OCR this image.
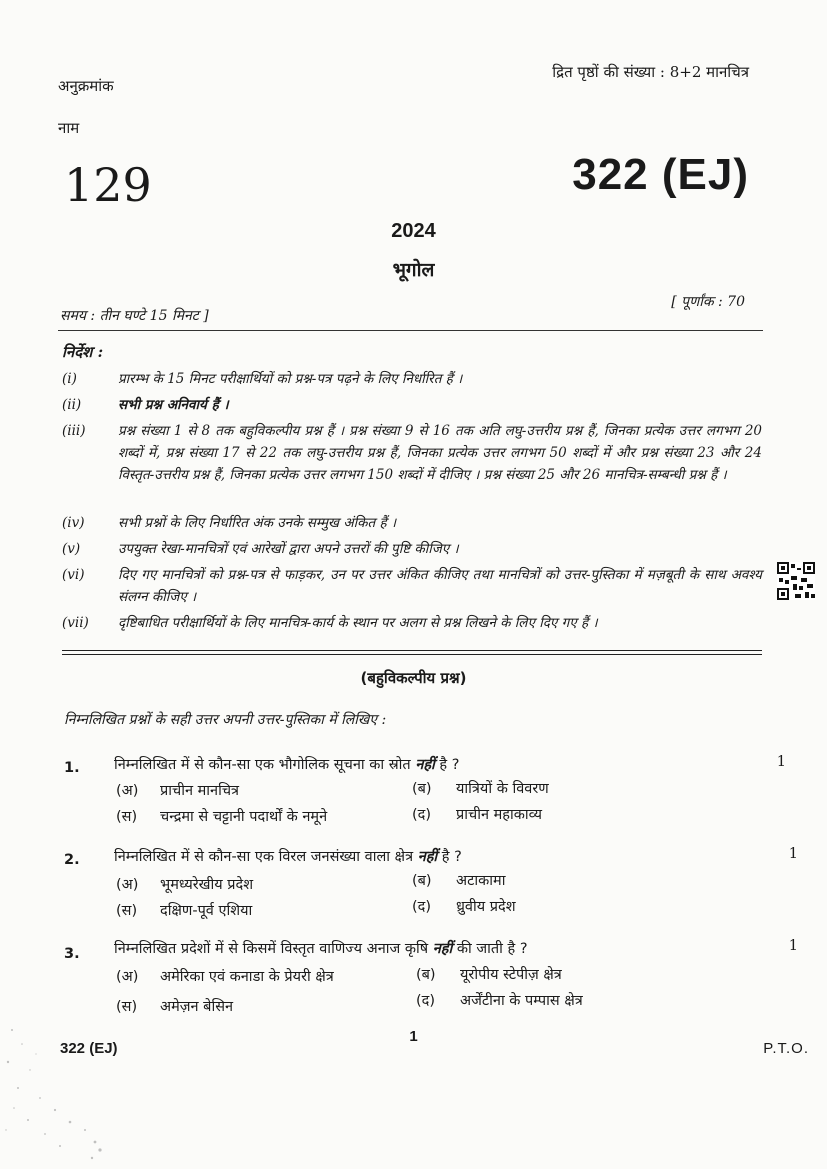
अनुक्रमांक
नाम
द्रित पृष्ठों की संख्या : 8+2 मानचित्र
129	322 (EJ)
2024
भूगोल
समय : तीन घण्टे 15 मिनट ]
[ पूर्णांक : 70
निर्देश :
(i)	प्रारम्भ के 15 मिनट परीक्षार्थियों को प्रश्न-पत्र पढ़ने के लिए निर्धारित हैं ।
(ii)	सभी प्रश्न अनिवार्य हैं ।
(iii)	प्रश्न संख्या 1 से 8 तक बहुविकल्पीय प्रश्न हैं । प्रश्न संख्या 9 से 16 तक अति लघु-उत्तरीय प्रश्न हैं, जिनका प्रत्येक उत्तर लगभग 20 शब्दों में, प्रश्न संख्या 17 से 22 तक लघु-उत्तरीय प्रश्न हैं, जिनका प्रत्येक उत्तर लगभग 50 शब्दों में और प्रश्न संख्या 23 और 24 विस्तृत-उत्तरीय प्रश्न हैं, जिनका प्रत्येक उत्तर लगभग 150 शब्दों में दीजिए । प्रश्न संख्या 25 और 26 मानचित्र-सम्बन्धी प्रश्न हैं ।
(iv)	सभी प्रश्नों के लिए निर्धारित अंक उनके सम्मुख अंकित हैं ।
(v)	उपयुक्त रेखा-मानचित्रों एवं आरेखों द्वारा अपने उत्तरों की पुष्टि कीजिए ।
(vi)	दिए गए मानचित्रों को प्रश्न-पत्र से फाड़कर, उन पर उत्तर अंकित कीजिए तथा मानचित्रों को उत्तर-पुस्तिका में मज़बूती के साथ अवश्य संलग्न कीजिए ।
(vii)	दृष्टिबाधित परीक्षार्थियों के लिए मानचित्र-कार्य के स्थान पर अलग से प्रश्न लिखने के लिए दिए गए हैं ।
(बहुविकल्पीय प्रश्न)
निम्नलिखित प्रश्नों के सही उत्तर अपनी उत्तर-पुस्तिका में लिखिए :
1. निम्नलिखित में से कौन-सा एक भौगोलिक सूचना का स्रोत नहीं है ?	1
(अ) प्राचीन मानचित्र	(ब) यात्रियों के विवरण
(स) चन्द्रमा से चट्टानी पदार्थों के नमूने	(द) प्राचीन महाकाव्य
2. निम्नलिखित में से कौन-सा एक विरल जनसंख्या वाला क्षेत्र नहीं है ?	1
(अ) भूमध्यरेखीय प्रदेश	(ब) अटाकामा
(स) दक्षिण-पूर्व एशिया	(द) ध्रुवीय प्रदेश
3. निम्नलिखित प्रदेशों में से किसमें विस्तृत वाणिज्य अनाज कृषि नहीं की जाती है ?	1
(अ) अमेरिका एवं कनाडा के प्रेयरी क्षेत्र	(ब) यूरोपीय स्टेपीज़ क्षेत्र
(स) अमेज़न बेसिन	(द) अर्जेंटीना के पम्पास क्षेत्र
1
322 (EJ)	P.T.O.
